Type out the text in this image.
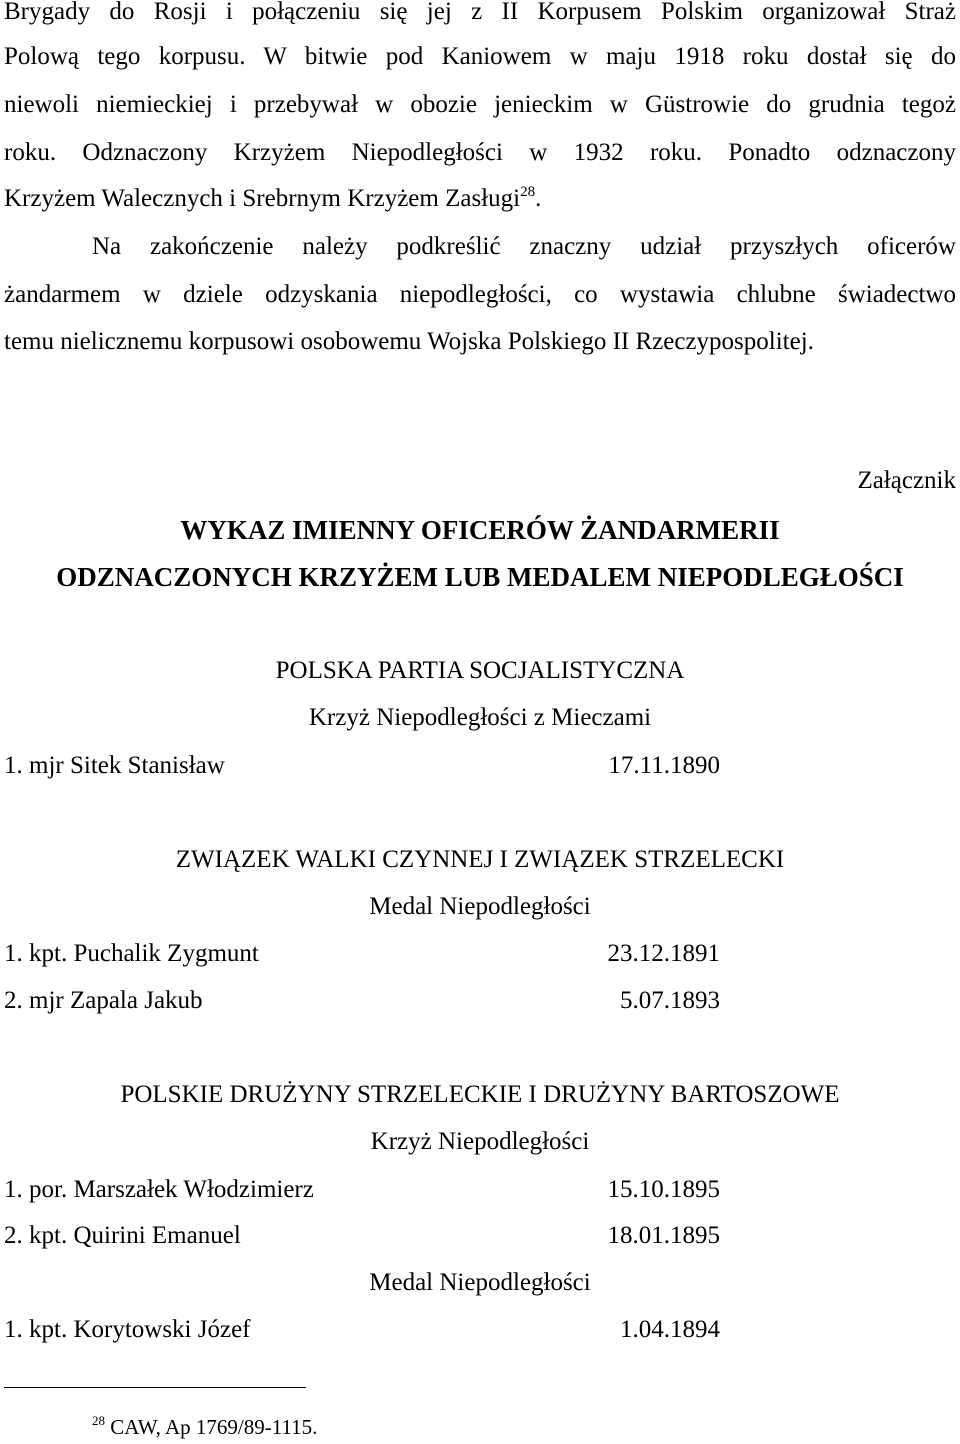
Brygady do Rosji i połączeniu się jej z II Korpusem Polskim organizował Straż
Polową tego korpusu. W bitwie pod Kaniowem w maju 1918 roku dostał się do
niewoli niemieckiej i przebywał w obozie jenieckim w Güstrowie do grudnia tegoż
roku. Odznaczony Krzyżem Niepodległości w 1932 roku. Ponadto odznaczony
Krzyżem Walecznych i Srebrnym Krzyżem Zasługi$^{28}$.
Na zakończenie należy podkreślić znaczny udział przyszłych oficerów
żandarmem w dziele odzyskania niepodległości, co wystawia chlubne świadectwo
temu nielicznemu korpusowi osobowemu Wojska Polskiego II Rzeczypospolitej.
Załącznik
WYKAZ IMIENNY OFICERÓW ŻANDARMERII
ODZNACZONYCH KRZYŻEM LUB MEDALEM NIEPODLEGŁOŚCI
POLSKA PARTIA SOCJALISTYCZNA
Krzyż Niepodległości z Mieczami
1. mjr Sitek Stanisław	17.11.1890
ZWIĄZEK WALKI CZYNNEJ I ZWIĄZEK STRZELECKI
Medal Niepodległości
1. kpt. Puchalik Zygmunt	23.12.1891
2. mjr Zapala Jakub	5.07.1893
POLSKIE DRUŻYNY STRZELECKIE I DRUŻYNY BARTOSZOWE
Krzyż Niepodległości
1. por. Marszałek Włodzimierz	15.10.1895
2. kpt. Quirini Emanuel	18.01.1895
Medal Niepodległości
1. kpt. Korytowski Józef	1.04.1894
$^{28}$ CAW, Ap 1769/89-1115.
